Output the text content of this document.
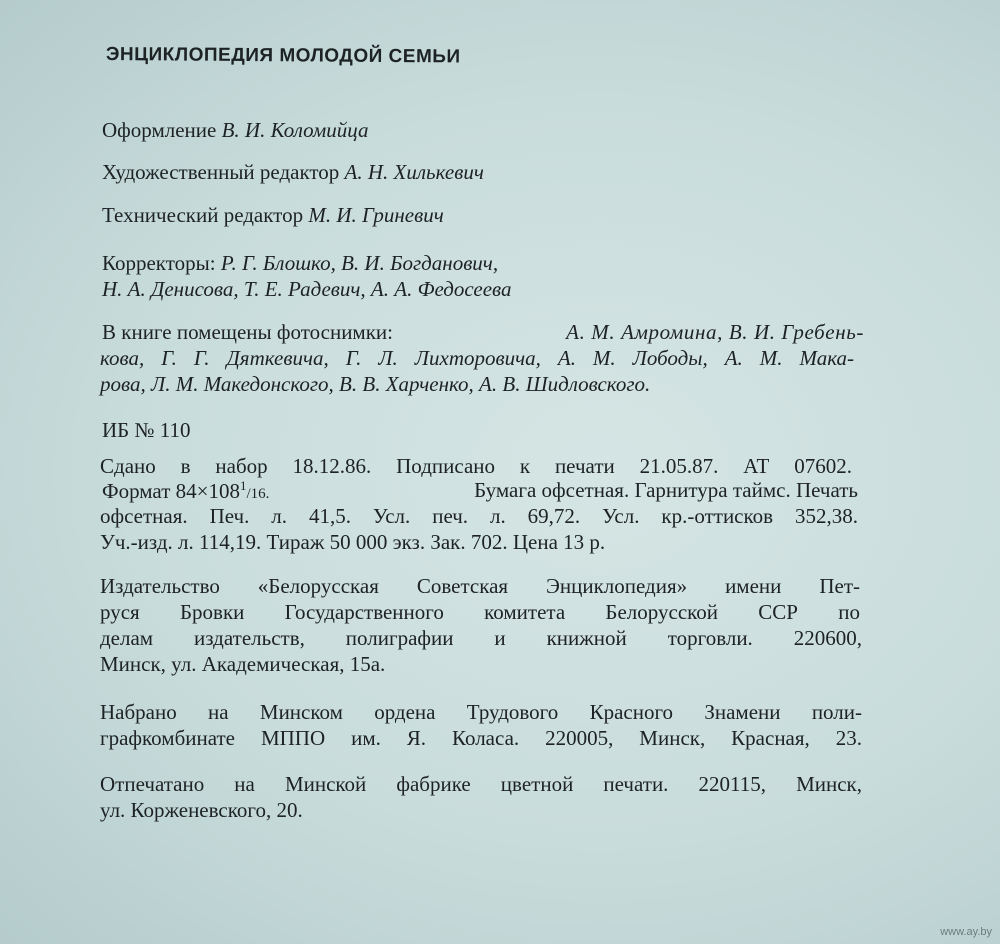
ЭНЦИКЛОПЕДИЯ МОЛОДОЙ СЕМЬИ
Оформление В. И. Коломийца
Художественный редактор А. Н. Хилькевич
Технический редактор М. И. Гриневич
Корректоры: Р. Г. Блошко, В. И. Богданович,
Н. А. Денисова, Т. Е. Радевич, А. А. Федосеева
В книге помещены фотоснимки:	А. М. Амромина, В. И. Гребень-
кова, Г. Г. Дяткевича, Г. Л. Лихторовича, А. М. Лободы, А. М. Мака-
рова, Л. М. Македонского, В. В. Харченко, А. В. Шидловского.
ИБ № 110
Сдано в набор 18.12.86. Подписано к печати 21.05.87. АТ 07602.
Формат $84\times 108^1/16$.	Бумага офсетная. Гарнитура таймс. Печать
офсетная. Печ. л. 41,5. Усл. печ. л. 69,72. Усл. кр.-оттисков 352,38.
Уч.-изд. л. 114,19. Тираж 50 000 экз. Зак. 702. Цена 13 р.
Издательство «Белорусская Советская Энциклопедия» имени Пет-
руся Бровки Государственного комитета Белорусской ССР по
делам издательств, полиграфии и книжной торговли. 220600,
Минск, ул. Академическая, 15а.
Набрано на Минском ордена Трудового Красного Знамени поли-
графкомбинате МППО им. Я. Коласа. 220005, Минск, Красная, 23.
Отпечатано на Минской фабрике цветной печати. 220115, Минск,
ул. Корженевского, 20.
www.ay.by
